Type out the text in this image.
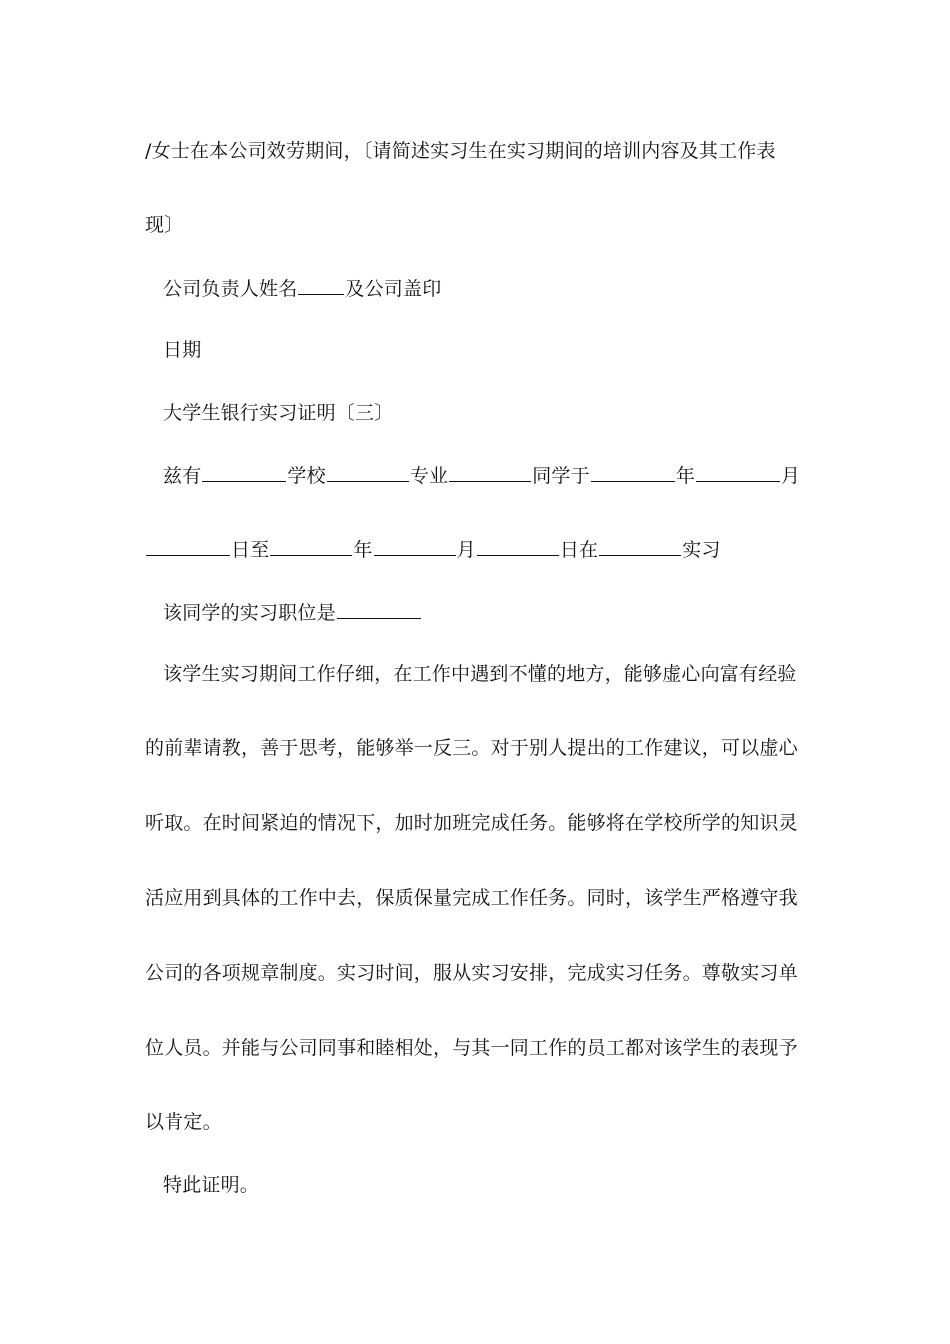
/女士在本公司效劳期间，〔请简述实习生在实习期间的培训内容及其工作表
现〕
公司负责人姓名	及公司盖印
日期
大学生银行实习证明〔三〕
兹有	学校	专业	同学于	年	月
日至	年	月	日在	实习
该同学的实习职位是
该学生实习期间工作仔细，在工作中遇到不懂的地方，能够虚心向富有经验
的前辈请教，善于思考，能够举一反三。对于别人提出的工作建议，可以虚心
听取。在时间紧迫的情况下，加时加班完成任务。能够将在学校所学的知识灵
活应用到具体的工作中去，保质保量完成工作任务。同时，该学生严格遵守我
公司的各项规章制度。实习时间，服从实习安排，完成实习任务。尊敬实习单
位人员。并能与公司同事和睦相处，与其一同工作的员工都对该学生的表现予
以肯定。
特此证明。
